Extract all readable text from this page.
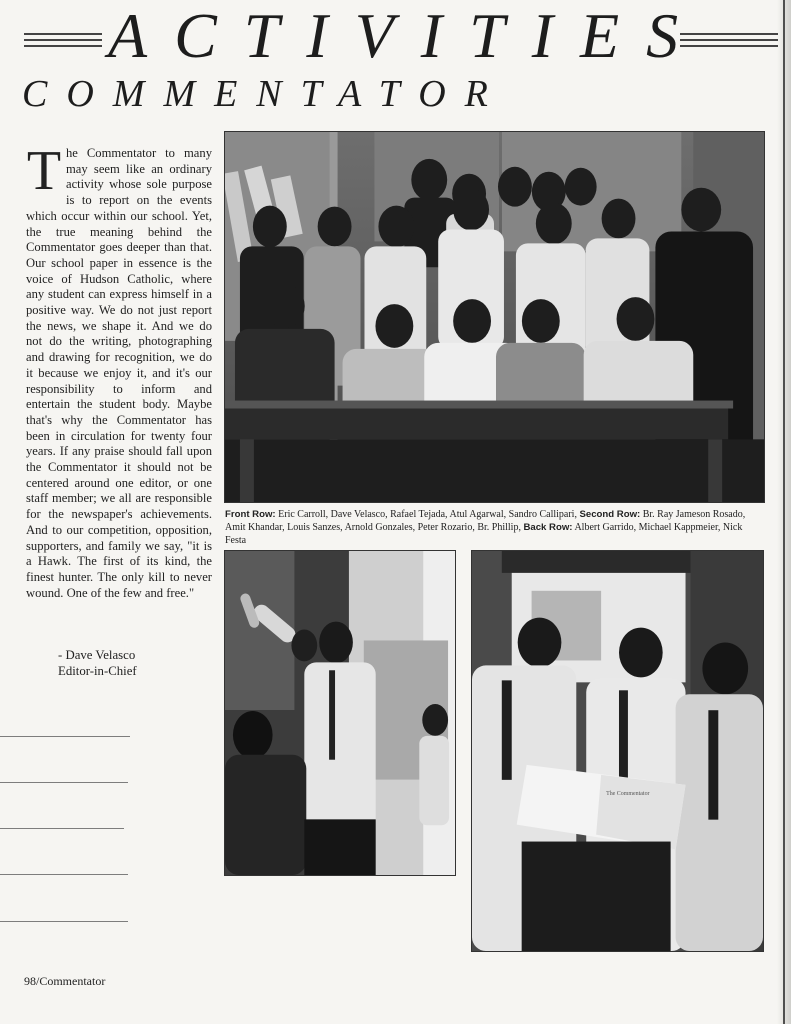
ACTIVITIES
COMMENTATOR
The Commentator to many may seem like an ordinary activity whose sole purpose is to report on the events which occur within our school. Yet, the true meaning behind the Commentator goes deeper than that. Our school paper in essence is the voice of Hudson Catholic, where any student can express himself in a positive way. We do not just report the news, we shape it. And we do not do the writing, photographing and drawing for recognition, we do it because we enjoy it, and it's our responsibility to inform and entertain the student body. Maybe that's why the Commentator has been in circulation for twenty four years. If any praise should fall upon the Commentator it should not be centered around one editor, or one staff member; we all are responsible for the newspaper's achievements. And to our competition, opposition, supporters, and family we say, "it is a Hawk. The first of its kind, the finest hunter. The only kill to never wound. One of the few and free."
- Dave Velasco
Editor-in-Chief
Front Row: Eric Carroll, Dave Velasco, Rafael Tejada, Atul Agarwal, Sandro Callipari, Second Row: Br. Ray Jameson Rosado, Amit Khandar, Louis Sanzes, Arnold Gonzales, Peter Rozario, Br. Phillip, Back Row: Albert Garrido, Michael Kappmeier, Nick Festa
The Commentator
98/Commentator
